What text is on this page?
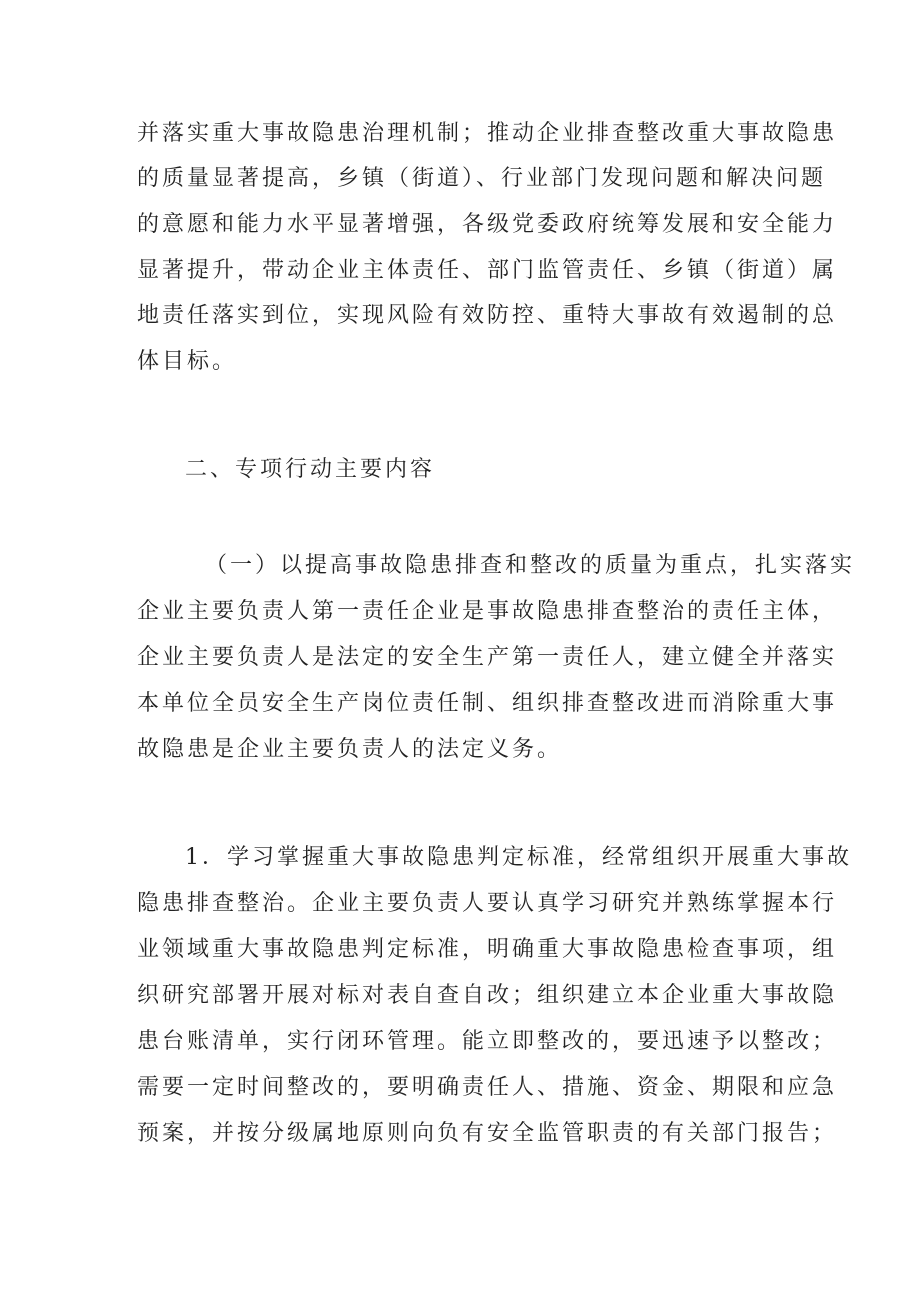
并落实重大事故隐患治理机制；推动企业排查整改重大事故隐患
的质量显著提高，乡镇（街道）、行业部门发现问题和解决问题
的意愿和能力水平显著增强，各级党委政府统筹发展和安全能力
显著提升，带动企业主体责任、部门监管责任、乡镇（街道）属
地责任落实到位，实现风险有效防控、重特大事故有效遏制的总
体目标。
二、专项行动主要内容
（一）以提高事故隐患排查和整改的质量为重点，扎实落实
企业主要负责人第一责任企业是事故隐患排查整治的责任主体，
企业主要负责人是法定的安全生产第一责任人，建立健全并落实
本单位全员安全生产岗位责任制、组织排查整改进而消除重大事
故隐患是企业主要负责人的法定义务。
1．学习掌握重大事故隐患判定标准，经常组织开展重大事故
隐患排查整治。企业主要负责人要认真学习研究并熟练掌握本行
业领域重大事故隐患判定标准，明确重大事故隐患检查事项，组
织研究部署开展对标对表自查自改；组织建立本企业重大事故隐
患台账清单，实行闭环管理。能立即整改的，要迅速予以整改；
需要一定时间整改的，要明确责任人、措施、资金、期限和应急
预案，并按分级属地原则向负有安全监管职责的有关部门报告；
